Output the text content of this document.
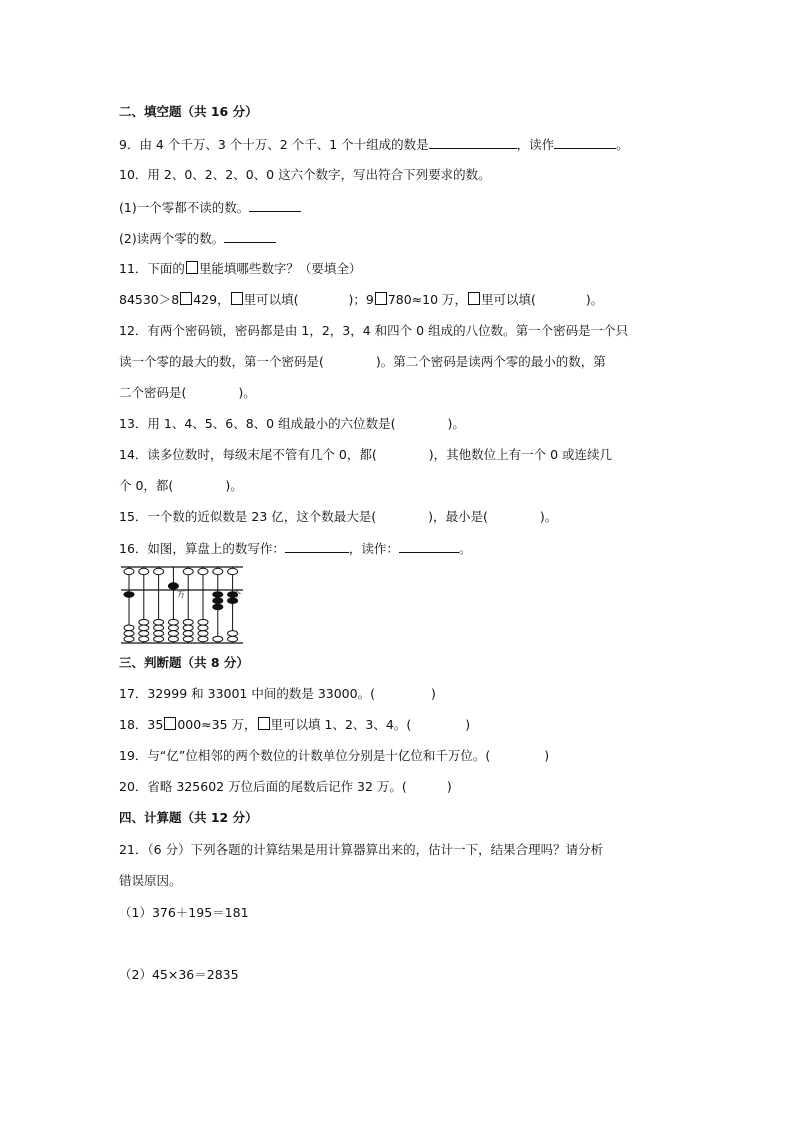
二、填空题（共 16 分）
9．由 4 个千万、3 个十万、2 个千、1 个十组成的数是	，读作	。
10．用 2、0、2、2、0、0 这六个数字，写出符合下列要求的数。
(1)一个零都不读的数。
(2)读两个零的数。
11．下面的 里能填哪些数字？（要填全）
84530＞8 429， 里可以填(	)；9 780≈10 万， 里可以填(	)。
12．有两个密码锁，密码都是由 1，2，3，4 和四个 0 组成的八位数。第一个密码是一个只
读一个零的最大的数，第一个密码是(	)。第二个密码是读两个零的最小的数，第
二个密码是(	)。
13．用 1、4、5、6、8、0 组成最小的六位数是(	)。
14．读多位数时，每级末尾不管有几个 0，都(	)，其他数位上有一个 0 或连续几
个 0，都(	)。
15．一个数的近似数是 23 亿，这个数最大是(	)，最小是(	)。
16．如图，算盘上的数写作：	，读作：	。
万	个
三、判断题（共 8 分）
17．32999 和 33001 中间的数是 33000。(	)
18．35 000≈35 万， 里可以填 1、2、3、4。(	)
19．与“亿”位相邻的两个数位的计数单位分别是十亿位和千万位。(	)
20．省略 325602 万位后面的尾数后记作 32 万。(	)
四、计算题（共 12 分）
21．（6 分）下列各题的计算结果是用计算器算出来的，估计一下，结果合理吗？请分析
错误原因。
（1）376＋195＝181
（2）45×36＝2835
